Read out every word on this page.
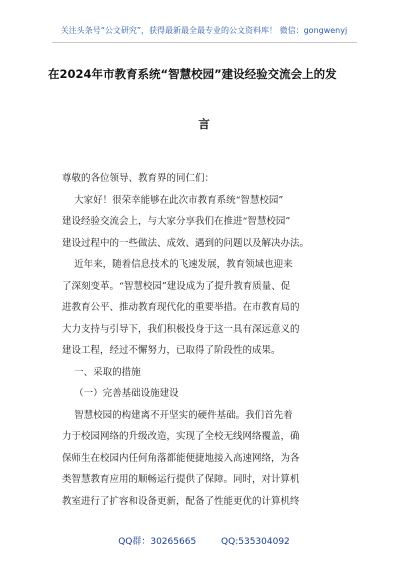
关注头条号“公文研究”，获得最新最全最专业的公文资料库！ 微信：gongwenyj
在2024年市教育系统“智慧校园”建设经验交流会上的发
言
尊敬的各位领导、教育界的同仁们：
大家好！很荣幸能够在此次市教育系统“智慧校园”
建设经验交流会上，与大家分享我们在推进“智慧校园”
建设过程中的一些做法、成效、遇到的问题以及解决办法。
近年来，随着信息技术的飞速发展，教育领域也迎来
了深刻变革。“智慧校园”建设成为了提升教育质量、促
进教育公平、推动教育现代化的重要举措。在市教育局的
大力支持与引导下，我们积极投身于这一具有深远意义的
建设工程，经过不懈努力，已取得了阶段性的成果。
一、采取的措施
（一）完善基础设施建设
智慧校园的构建离不开坚实的硬件基础。我们首先着
力于校园网络的升级改造，实现了全校无线网络覆盖，确
保师生在校园内任何角落都能便捷地接入高速网络，为各
类智慧教育应用的顺畅运行提供了保障。同时，对计算机
教室进行了扩容和设备更新，配备了性能更优的计算机终
QQ群：30265665	QQ:535304092
